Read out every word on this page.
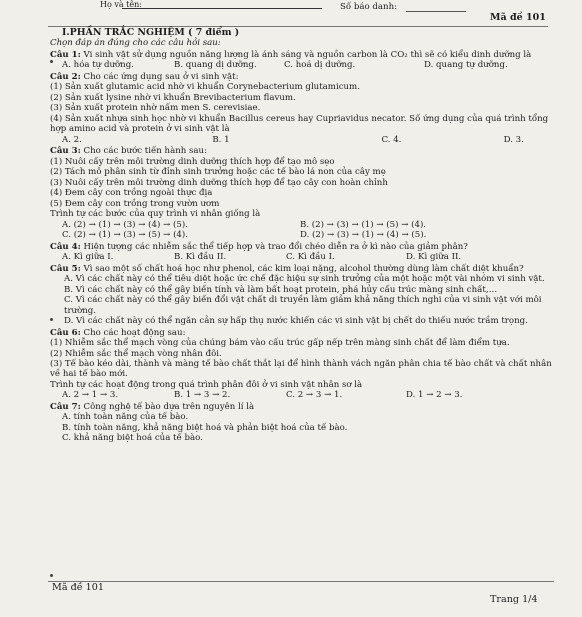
Họ và tên:	Số báo danh:
Mã đề 101
I.PHẦN TRẮC NGHIỆM ( 7 điểm )
Chọn đáp án đúng cho các câu hỏi sau:
Câu 1: Vi sinh vật sử dụng nguồn năng lượng là ánh sáng và nguồn carbon là CO₂ thì sẽ có kiểu dinh dưỡng là
A. hóa tự dưỡng.	B. quang dị dưỡng.	C. hoá dị dưỡng.	D. quang tự dưỡng.
Câu 2: Cho các ứng dụng sau ở vi sinh vật:
(1) Sản xuất glutamic acid nhờ vi khuẩn Corynebacterium glutamicum.
(2) Sản xuất lysine nhờ vi khuẩn Brevibacterium flavum.
(3) Sản xuất protein nhờ nấm men S. cerevisiae.
(4) Sản xuất nhựa sinh học nhờ vi khuẩn Bacillus cereus hay Cupriavidus necator. Số ứng dụng của quá trình tổng hợp amino acid và protein ở vi sinh vật là
A. 2.	B. 1	C. 4.	D. 3.
Câu 3: Cho các bước tiến hành sau:
(1) Nuôi cấy trên môi trường dinh dưỡng thích hợp để tạo mô sẹo
(2) Tách mô phân sinh từ đỉnh sinh trưởng hoặc các tế bào lá non của cây mẹ
(3) Nuôi cấy trên môi trường dinh dưỡng thích hợp để tạo cây con hoàn chỉnh
(4) Đem cây con trồng ngoài thực địa
(5) Đem cây con trồng trong vườn ươm
Trình tự các bước của quy trình vi nhân giống là
A. (2) → (1) → (3) → (4) → (5).	B. (2) → (3) → (1) → (5) → (4).
C. (2) → (1) → (3) → (5) → (4).	D. (2) → (3) → (1) → (4) → (5).
Câu 4: Hiện tượng các nhiễm sắc thể tiếp hợp và trao đổi chéo diễn ra ở kì nào của giảm phân?
A. Kì giữa I.	B. Kì đầu II.	C. Kì đầu I.	D. Kì giữa II.
Câu 5: Vì sao một số chất hoá học như phenol, các kim loại nặng, alcohol thường dùng làm chất diệt khuẩn?
A. Vì các chất này có thể tiêu diệt hoặc ức chế đặc hiệu sự sinh trưởng của một hoặc một vài nhóm vi sinh vật.
B. Vì các chất này có thể gây biến tính và làm bất hoạt protein, phá hủy cấu trúc màng sinh chất,…
C. Vì các chất này có thể gây biến đổi vật chất di truyền làm giảm khả năng thích nghi của vi sinh vật với môi trường.
D. Vì các chất này có thể ngăn cản sự hấp thụ nước khiến các vi sinh vật bị chết do thiếu nước trầm trọng.
Câu 6: Cho các hoạt động sau:
(1) Nhiễm sắc thể mạch vòng của chúng bám vào cấu trúc gấp nếp trên màng sinh chất để làm điểm tựa.
(2) Nhiễm sắc thể mạch vòng nhân đôi.
(3) Tế bào kéo dài, thành và màng tế bào chất thắt lại để hình thành vách ngăn phân chia tế bào chất và chất nhân về hai tế bào mới.
Trình tự các hoạt động trong quá trình phân đôi ở vi sinh vật nhân sơ là
A. 2 → 1 → 3.	B. 1 → 3 → 2.	C. 2 → 3 → 1.	D. 1 → 2 → 3.
Câu 7: Công nghệ tế bào dựa trên nguyên lí là
A. tính toàn năng của tế bào.
B. tính toàn năng, khả năng biệt hoá và phản biệt hoá của tế bào.
C. khả năng biệt hoá của tế bào.
Mã đề 101
Trang 1/4
